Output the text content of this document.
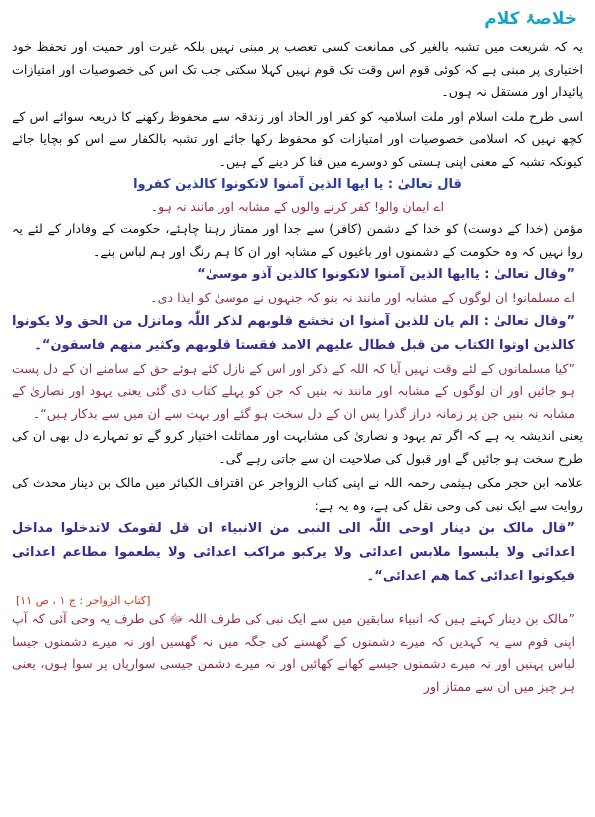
خلاصۂ کلام

یہ کہ شریعت میں تشبہ بالغیر کی ممانعت کسی تعصب پر مبنی نہیں بلکہ غیرت اور حمیت اور تحفظ خود اختیاری پر مبنی ہے کہ کوئی قوم اس وقت تک قوم نہیں کہلا سکتی جب تک اس کی خصوصیات اور امتیازات پائیدار اور مستقل نہ ہوں۔

اسی طرح ملت اسلام اور ملت اسلامیہ کو کفر اور الحاد اور زندقہ سے محفوظ رکھنے کا ذریعہ سوائے اس کے کچھ نہیں کہ اسلامی خصوصیات اور امتیازات کو محفوظ رکھا جائے اور تشبہ بالکفار سے اس کو بچایا جائے کیونکہ تشبہ کے معنی اپنی ہستی کو دوسرے میں فنا کر دینے کے ہیں۔

قال تعالیٰ : یا ایھا الذین آمنوا لاتکونوا کالذین کفروا

اے ایمان والو! کفر کرنے والوں کے مشابہ اور مانند نہ ہو۔

مؤمن (خدا کے دوست) کو خدا کے دشمن (کافر) سے جدا اور ممتاز رہنا چاہئے، حکومت کے وفادار کے لئے یہ روا نہیں کہ وہ حکومت کے دشمنوں اور باغیوں کے مشابہ اور ان کا ہم رنگ اور ہم لباس بنے۔

”وقال تعالیٰ : یاایھا الذین آمنوا لاتکونوا کالذین آذو موسیٰ“

اے مسلمانو! ان لوگوں کے مشابہ اور مانند نہ بنو کہ جنہوں نے موسیٰ کو ایذا دی۔

”وقال تعالیٰ : الم یان للذین آمنوا ان تخشع قلوبھم لذکر اللّٰہ ومانزل من الحق ولا یکونوا کالذین اوتوا الکتاب من قبل فطال علیھم الامد فقستا قلوبھم وکثیر منھم فاسقون“۔

”کیا مسلمانوں کے لئے وقت نہیں آیا کہ اللہ کے ذکر اور اس کے نازل کئے ہوئے حق کے سامنے ان کے دل پست ہو جائیں اور ان لوگوں کے مشابہ اور مانند نہ بنیں کہ جن کو پہلے کتاب دی گئی یعنی یہود اور نصاریٰ کے مشابہ نہ بنیں جن پر زمانہ دراز گذرا پس ان کے دل سخت ہو گئے اور بہت سے ان میں سے بدکار ہیں“۔

یعنی اندیشہ یہ ہے کہ اگر تم یہود و نصاریٰ کی مشابہت اور مماثلت اختیار کرو گے تو تمہارے دل بھی ان کی طرح سخت ہو جائیں گے اور قبول کی صلاحیت ان سے جاتی رہے گی۔

علامہ ابن حجر مکی ہیثمی رحمہ اللہ نے اپنی کتاب الزواجر عن اقتراف الکبائر میں مالک بن دینار محدث کی روایت سے ایک نبی کی وحی نقل کی ہے، وہ یہ ہے:

”قال مالک بن دینار اوحی اللّٰہ الی النبی من الانبیاء ان قل لقومک لاتدخلوا مداخل اعدائی ولا یلبسوا ملابس اعدائی ولا یرکبو مراکب اعدائی ولا یطعموا مطاعم اعدائی فیکونوا اعدائی کما ھم اعدائی“۔

[کتاب الزواجر : ج ۱ ، ص ۱۱]

”مالک بن دینار کہتے ہیں کہ انبیاء سابقین میں سے ایک نبی کی طرف اللہ ﷻ کی طرف یہ وحی آئی کہ آپ اپنی قوم سے یہ کہدیں کہ میرے دشمنوں کے گھسنے کی جگہ میں نہ گھسیں اور نہ میرے دشمنوں جیسا لباس پہنیں اور نہ میرے دشمنوں جیسے کھانے کھائیں اور نہ میرے دشمن جیسی سواریاں پر سوا ہوں، یعنی ہر چیز میں ان سے ممتاز اور
